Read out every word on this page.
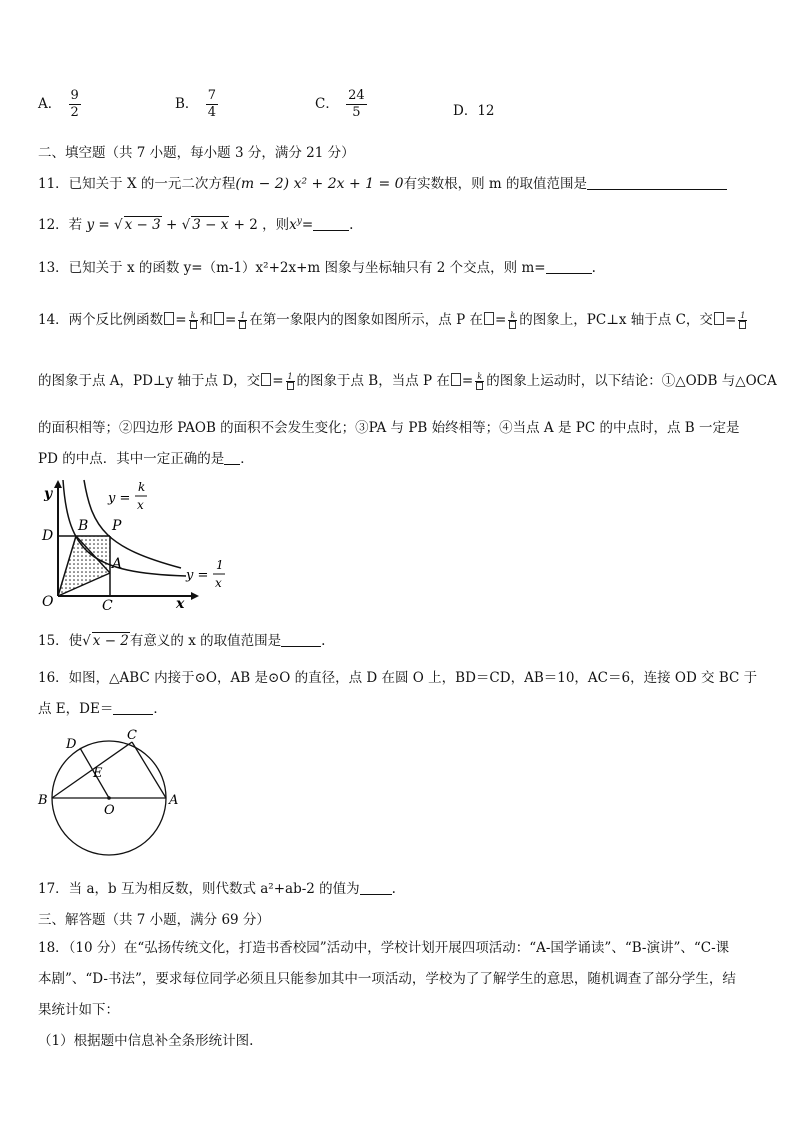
A． $\frac{9}{2}$	B． $\frac{7}{4}$	C． $\frac{24}{5}$	D．12
二、填空题（共 7 小题，每小题 3 分，满分 21 分）
11．已知关于 X 的一元二次方程(m − 2) x² + 2x + 1 = 0有实数根，则 m 的取值范围是
12．若 y = √ x − 3 + √ 3 − x + 2 ，则$x^y=$	.
13．已知关于 x 的函数 y=（m-1）x²+2x+m 图象与坐标轴只有 2 个交点，则 m=	.
14．两个反比例函数 = k 和 = 1 在第一象限内的图象如图所示，点 P 在 = k 的图象上，PC⊥x 轴于点 C，交 = 1
的图象于点 A，PD⊥y 轴于点 D，交 = 1 的图象于点 B，当点 P 在 = k 的图象上运动时，以下结论：①△ODB 与△OCA
的面积相等；②四边形 PAOB 的面积不会发生变化；③PA 与 PB 始终相等；④当点 A 是 PC 的中点时，点 B 一定是
PD 的中点．其中一定正确的是 ．
y
x
O
D
B P
A
C
y =
k
x
y =
1
x
15．使√ x − 2有意义的 x 的取值范围是	.
16．如图，△ABC 内接于⊙O，AB 是⊙O 的直径，点 D 在圆 O 上，BD＝CD，AB＝10，AC＝6，连接 OD 交 BC 于
点 E，DE＝	．
D
C
E
B
O
A
17．当 a，b 互为相反数，则代数式 a²+ab-2 的值为 .
三、解答题（共 7 小题，满分 69 分）
18．（10 分）在“弘扬传统文化，打造书香校园”活动中，学校计划开展四项活动：“A-国学诵读”、“B-演讲”、“C-课
本剧”、“D-书法”，要求每位同学必须且只能参加其中一项活动，学校为了了解学生的意思，随机调查了部分学生，结
果统计如下：
（1）根据题中信息补全条形统计图.
